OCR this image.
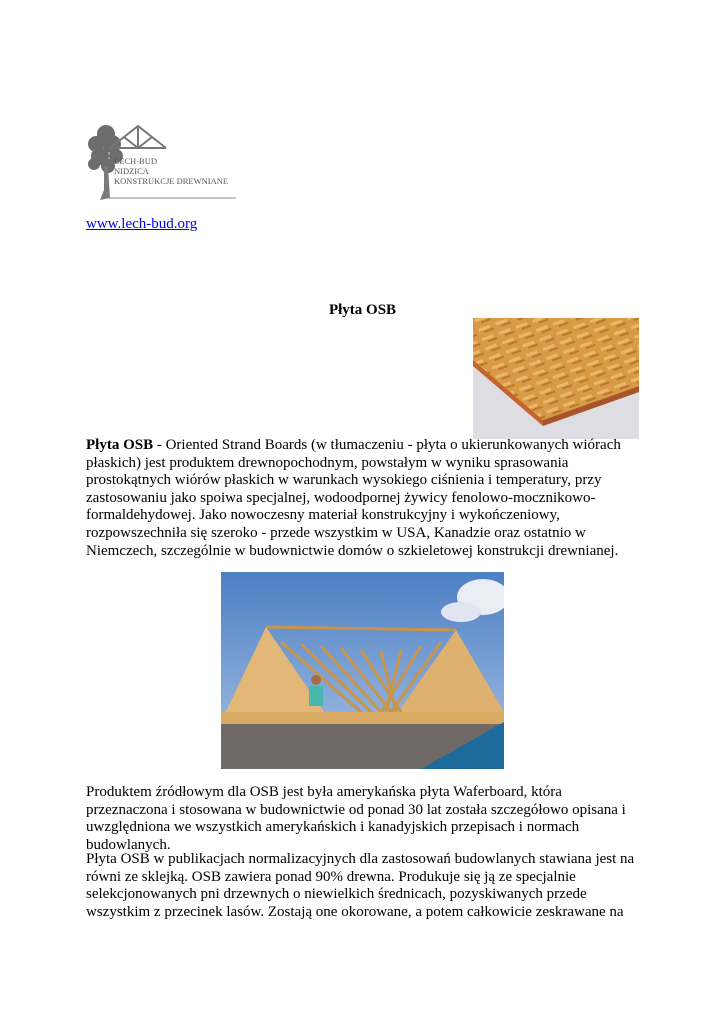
LECH-BUD
NIDZICA
KONSTRUKCJE DREWNIANE
www.lech-bud.org
Płyta OSB

Płyta OSB - Oriented Strand Boards (w tłumaczeniu - płyta o ukierunkowanych wiórach płaskich) jest produktem drewnopochodnym, powstałym w wyniku sprasowania prostokątnych wiórów płaskich w warunkach wysokiego ciśnienia i temperatury, przy zastosowaniu jako spoiwa specjalnej, wodoodpornej żywicy fenolowo-mocznikowo-formaldehydowej. Jako nowoczesny materiał konstrukcyjny i wykończeniowy, rozpowszechniła się szeroko - przede wszystkim w USA, Kanadzie oraz ostatnio w Niemczech, szczególnie w budownictwie domów o szkieletowej konstrukcji drewnianej.

Produktem źródłowym dla OSB jest była amerykańska płyta Waferboard, która przeznaczona i stosowana w budownictwie od ponad 30 lat została szczegółowo opisana i uwzględniona we wszystkich amerykańskich i kanadyjskich przepisach i normach budowlanych.

Płyta OSB w publikacjach normalizacyjnych dla zastosowań budowlanych stawiana jest na równi ze sklejką. OSB zawiera ponad 90% drewna. Produkuje się ją ze specjalnie selekcjonowanych pni drzewnych o niewielkich średnicach, pozyskiwanych przede wszystkim z przecinek lasów. Zostają one okorowane, a potem całkowicie zeskrawane na
